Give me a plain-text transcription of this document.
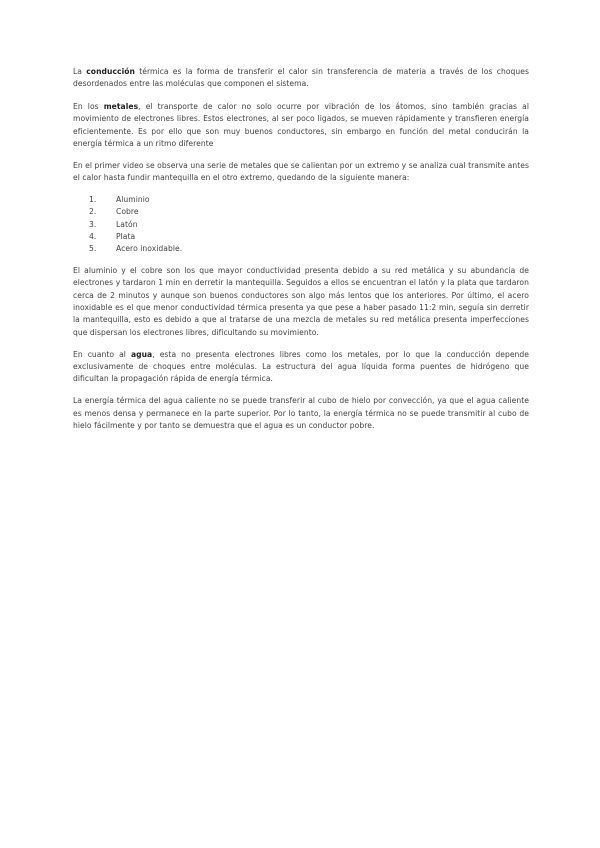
La conducción térmica es la forma de transferir el calor sin transferencia de materia a través de los choques desordenados entre las moléculas que componen el sistema.

En los metales, el transporte de calor no solo ocurre por vibración de los átomos, sino también gracias al movimiento de electrones libres. Estos electrones, al ser poco ligados, se mueven rápidamente y transfieren energía eficientemente. Es por ello que son muy buenos conductores, sin embargo en función del metal conducirán la energía térmica a un ritmo diferente

En el primer video se observa una serie de metales que se calientan por un extremo y se analiza cual transmite antes el calor hasta fundir mantequilla en el otro extremo, quedando de la siguiente manera:

1.	Aluminio
2.	Cobre
3.	Latón
4.	Plata
5.	Acero inoxidable.

El aluminio y el cobre son los que mayor conductividad presenta debido a su red metálica y su abundancia de electrones y tardaron 1 min en derretir la mantequilla. Seguidos a ellos se encuentran el latón y la plata que tardaron cerca de 2 minutos y aunque son buenos conductores son algo más lentos que los anteriores. Por último, el acero inoxidable es el que menor conductividad térmica presenta ya que pese a haber pasado 11:2 min, seguía sin derretir la mantequilla, esto es debido a que al tratarse de una mezcla de metales su red metálica presenta imperfecciones que dispersan los electrones libres, dificultando su movimiento.

En cuanto al agua, esta no presenta electrones libres como los metales, por lo que la conducción depende exclusivamente de choques entre moléculas. La estructura del agua líquida forma puentes de hidrógeno que dificultan la propagación rápida de energía térmica.

La energía térmica del agua caliente no se puede transferir al cubo de hielo por convección, ya que el agua caliente es menos densa y permanece en la parte superior. Por lo tanto, la energía térmica no se puede transmitir al cubo de hielo fácilmente y por tanto se demuestra que el agua es un conductor pobre.
